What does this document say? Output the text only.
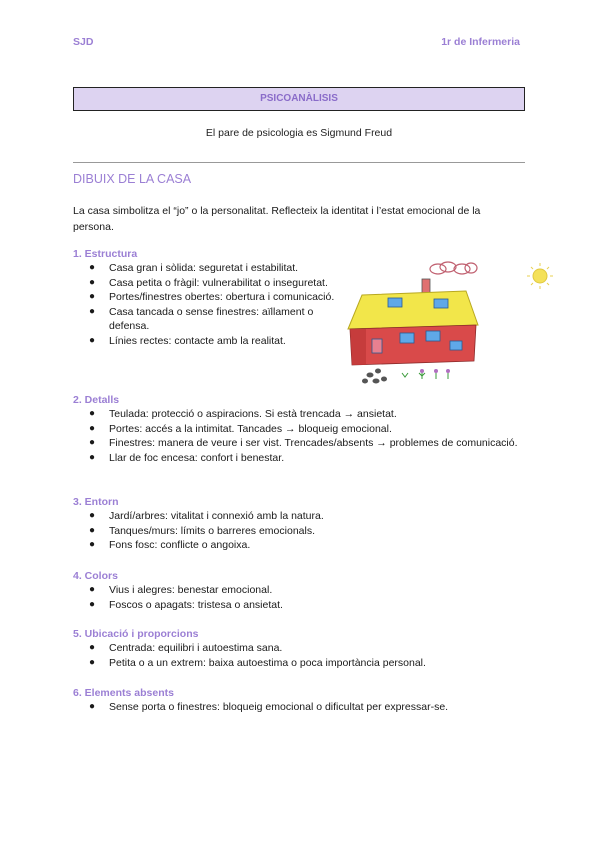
SJD	1r de Infermeria
PSICOANÀLISIS
El pare de psicologia es Sigmund Freud
DIBUIX DE LA CASA
La casa simbolitza el “jo” o la personalitat. Reflecteix la identitat i l’estat emocional de la persona.
1. Estructura
● Casa gran i sòlida: seguretat i estabilitat.
● Casa petita o fràgil: vulnerabilitat o inseguretat.
● Portes/finestres obertes: obertura i comunicació.
● Casa tancada o sense finestres: aïllament o defensa.
● Línies rectes: contacte amb la realitat.
2. Detalls
● Teulada: protecció o aspiracions. Si està trencada → ansietat.
● Portes: accés a la intimitat. Tancades → bloqueig emocional.
● Finestres: manera de veure i ser vist. Trencades/absents → problemes de comunicació.
● Llar de foc encesa: confort i benestar.
3. Entorn
● Jardí/arbres: vitalitat i connexió amb la natura.
● Tanques/murs: límits o barreres emocionals.
● Fons fosc: conflicte o angoixa.
4. Colors
● Vius i alegres: benestar emocional.
● Foscos o apagats: tristesa o ansietat.
5. Ubicació i proporcions
● Centrada: equilibri i autoestima sana.
● Petita o a un extrem: baixa autoestima o poca importància personal.
6. Elements absents
● Sense porta o finestres: bloqueig emocional o dificultat per expressar-se.
